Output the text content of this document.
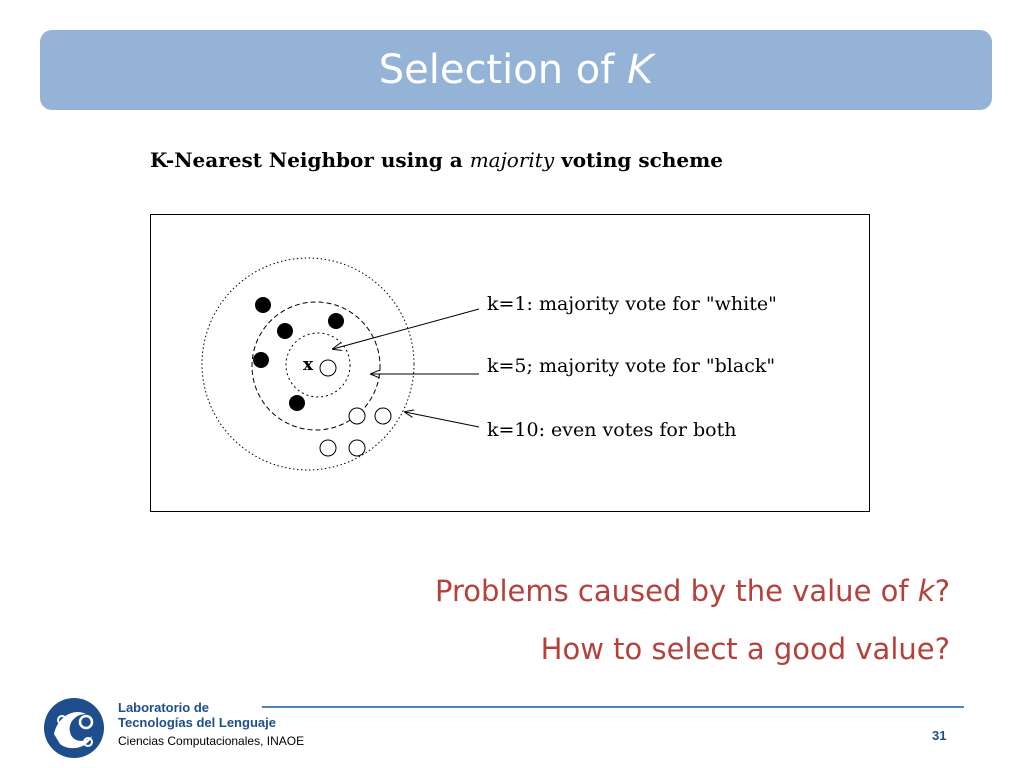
Selection of K
K-Nearest Neighbor using a majority voting scheme
x
k=1: majority vote for "white"
k=5; majority vote for "black"
k=10: even votes for both
Problems caused by the value of k?
How to select a good value?
Laboratorio de
Tecnologías del Lenguaje
Ciencias Computacionales, INAOE	31
